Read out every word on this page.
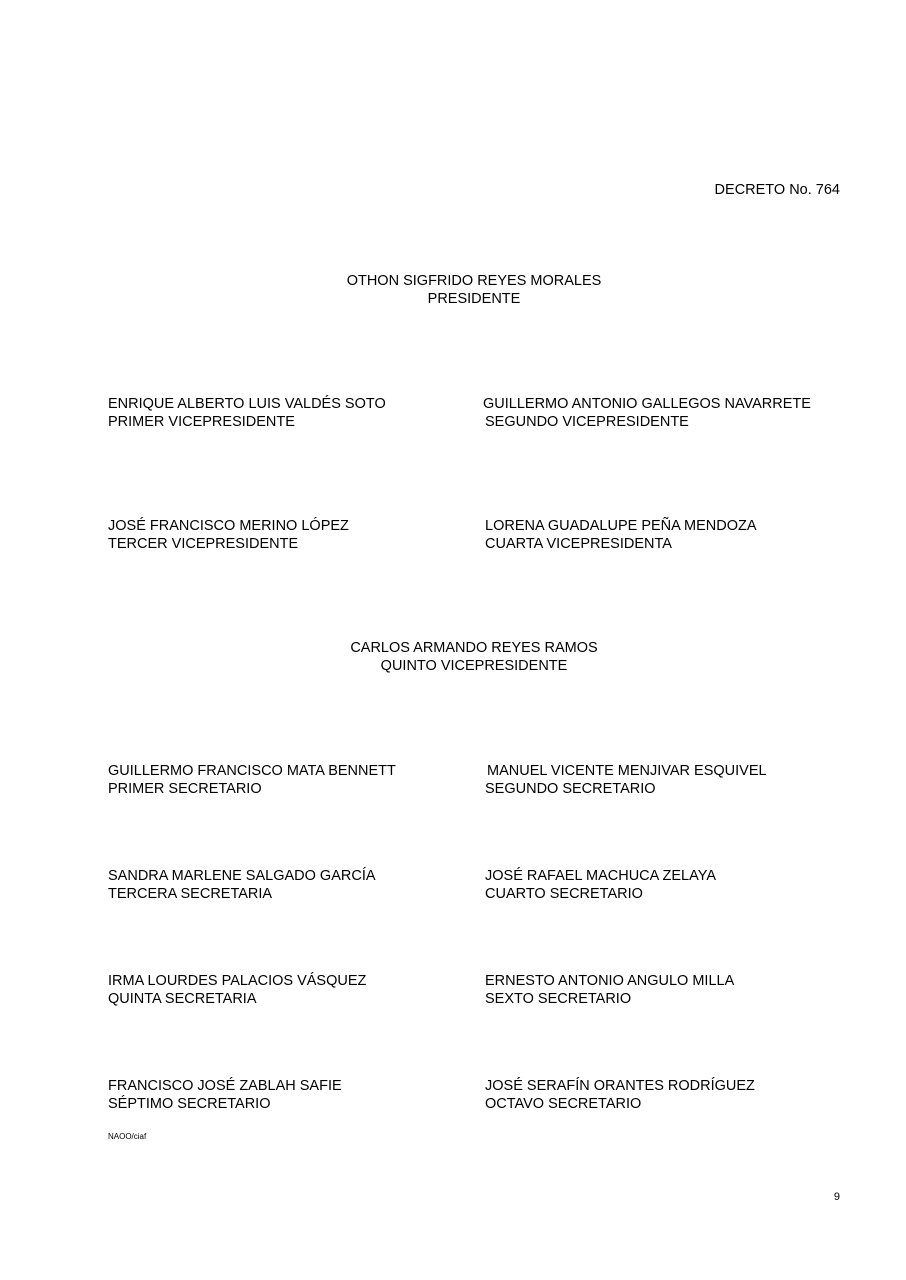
DECRETO No. 764
OTHON SIGFRIDO REYES MORALES
PRESIDENTE
ENRIQUE ALBERTO LUIS VALDÉS SOTO
PRIMER VICEPRESIDENTE
GUILLERMO ANTONIO GALLEGOS NAVARRETE
SEGUNDO VICEPRESIDENTE
JOSÉ FRANCISCO MERINO LÓPEZ
TERCER VICEPRESIDENTE
LORENA GUADALUPE PEÑA MENDOZA
CUARTA VICEPRESIDENTA
CARLOS ARMANDO REYES RAMOS
QUINTO VICEPRESIDENTE
GUILLERMO FRANCISCO MATA BENNETT
PRIMER SECRETARIO
MANUEL VICENTE MENJIVAR ESQUIVEL
SEGUNDO SECRETARIO
SANDRA MARLENE SALGADO GARCÍA
TERCERA SECRETARIA
JOSÉ RAFAEL MACHUCA ZELAYA
CUARTO SECRETARIO
IRMA LOURDES PALACIOS VÁSQUEZ
QUINTA SECRETARIA
ERNESTO ANTONIO ANGULO MILLA
SEXTO SECRETARIO
FRANCISCO JOSÉ ZABLAH SAFIE
SÉPTIMO SECRETARIO
JOSÉ SERAFÍN ORANTES RODRÍGUEZ
OCTAVO SECRETARIO
NAOO/ciaf
9
